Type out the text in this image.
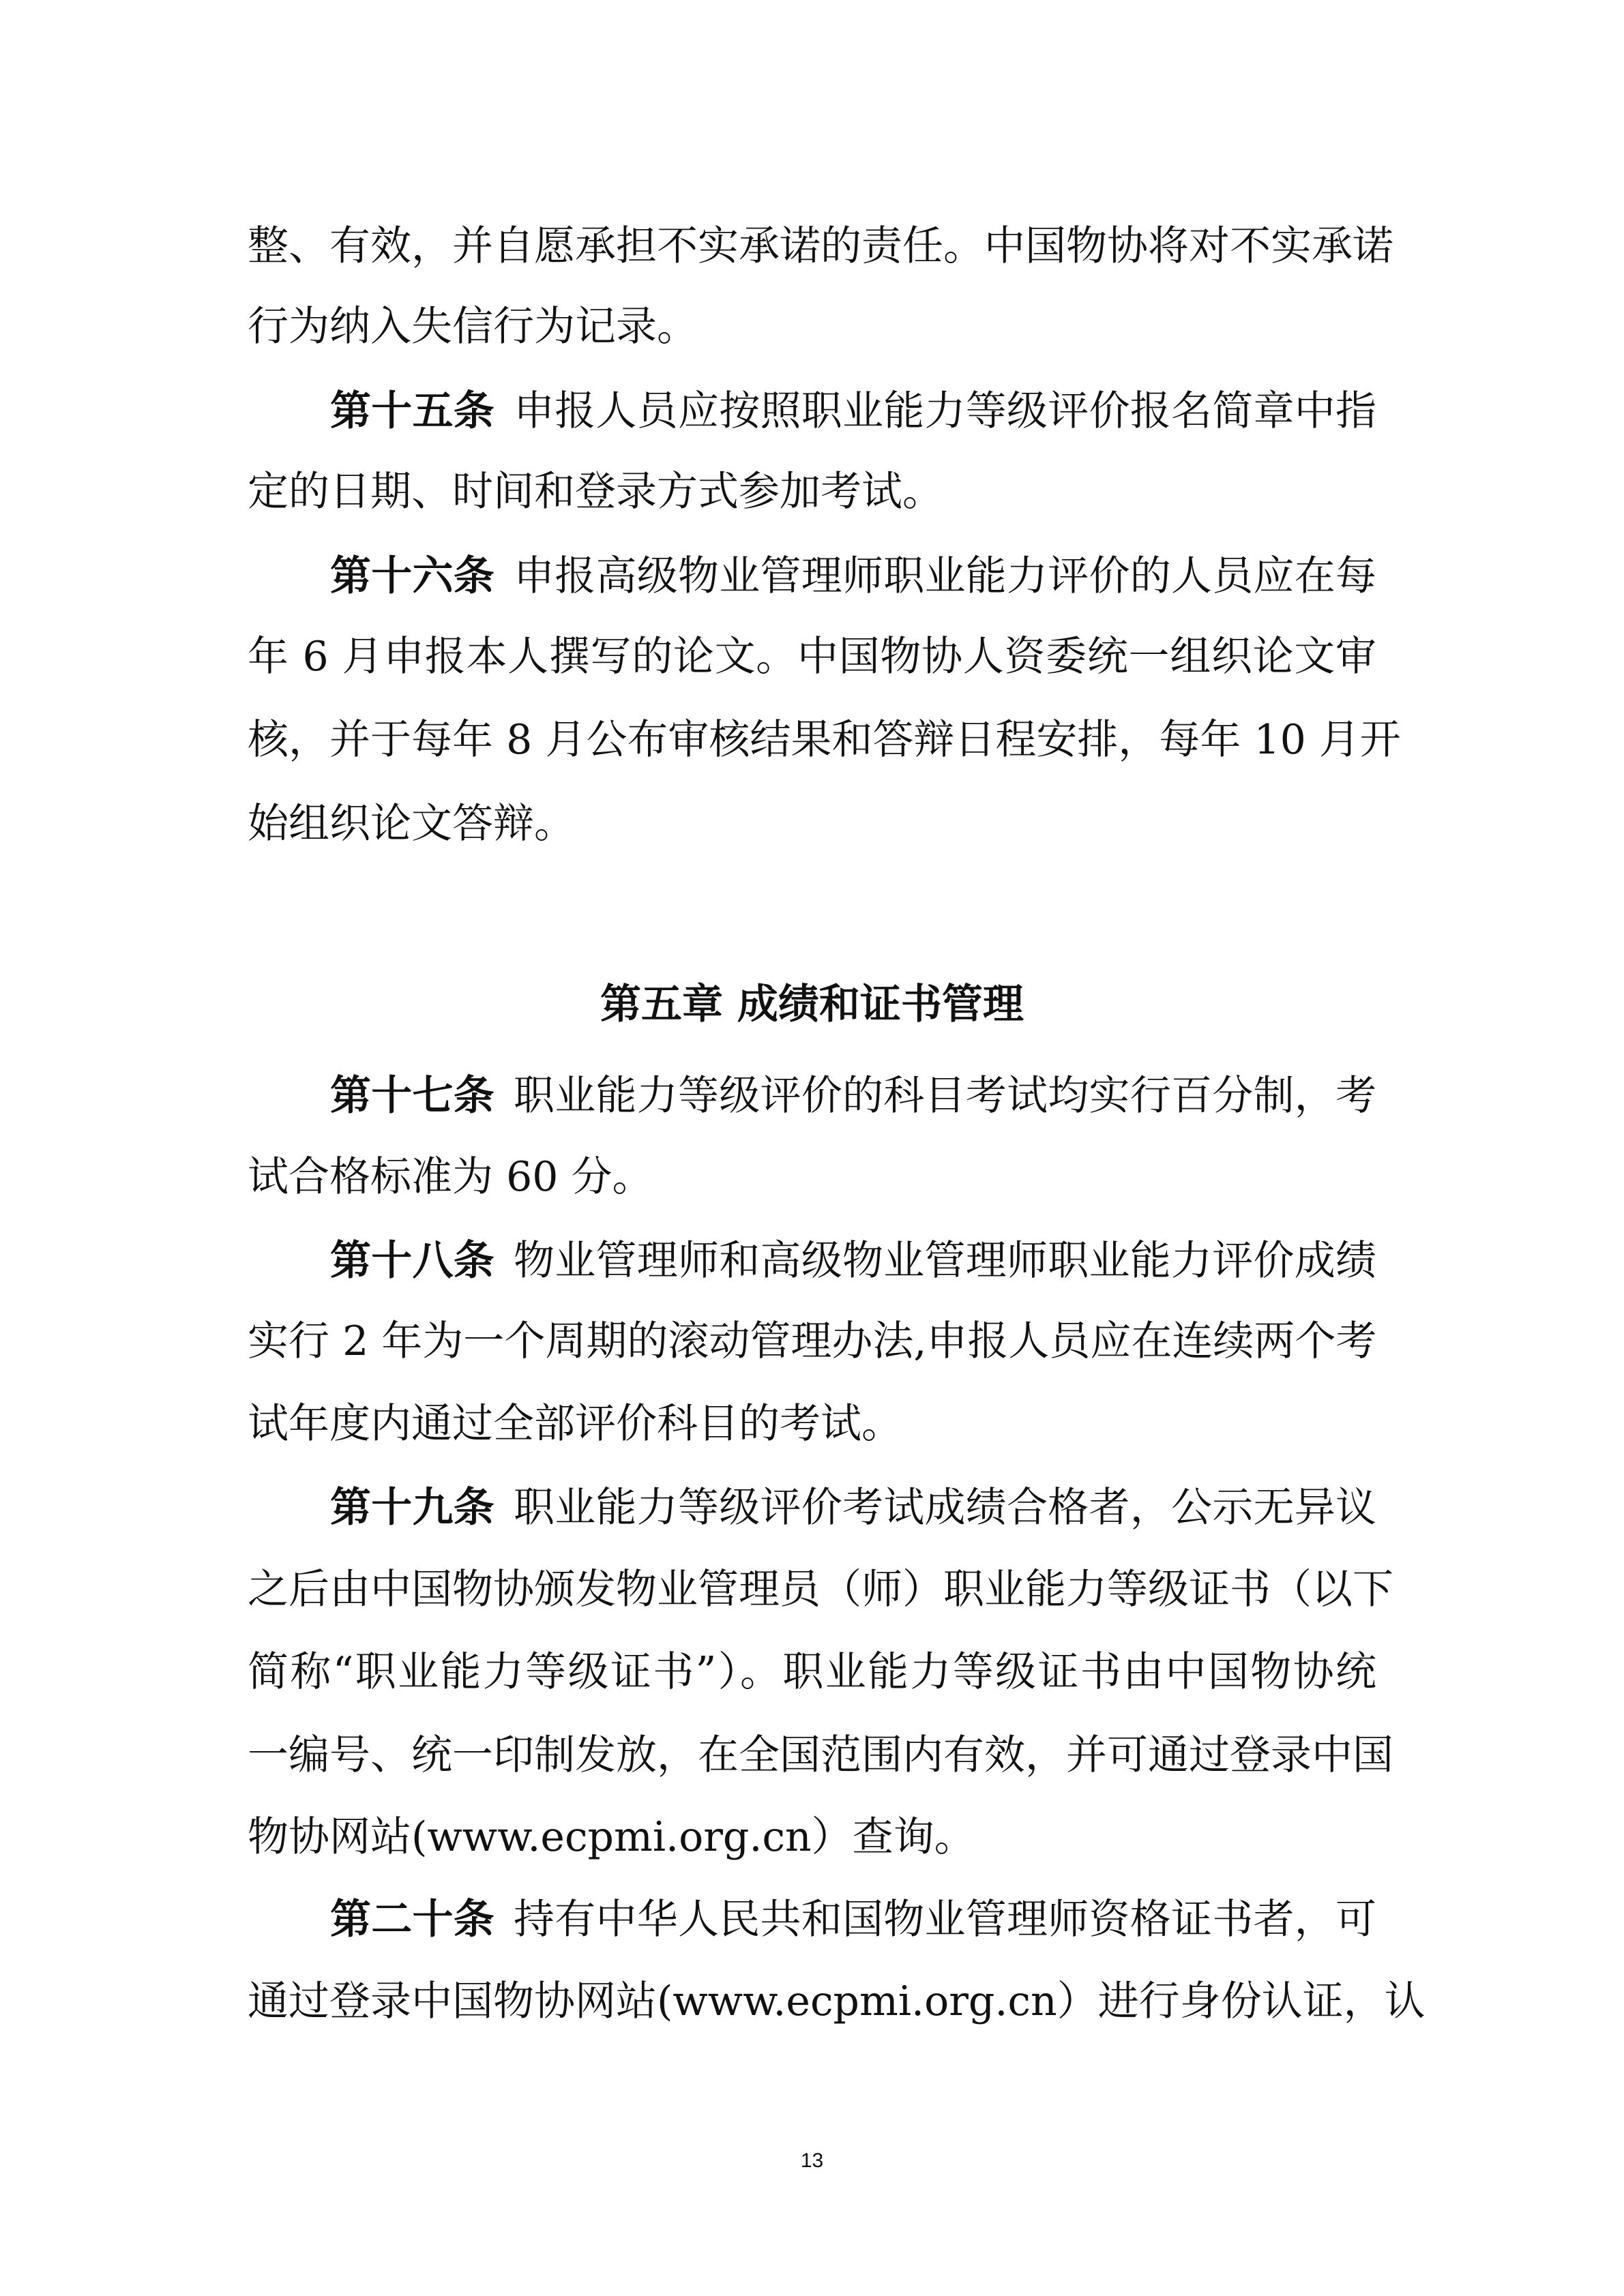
整、有效，并自愿承担不实承诺的责任。中国物协将对不实承诺
行为纳入失信行为记录。
第十五条 申报人员应按照职业能力等级评价报名简章中指
定的日期、时间和登录方式参加考试。
第十六条 申报高级物业管理师职业能力评价的人员应在每
年 6 月申报本人撰写的论文。中国物协人资委统一组织论文审
核，并于每年 8 月公布审核结果和答辩日程安排，每年 10 月开
始组织论文答辩。
第五章 成绩和证书管理
第十七条 职业能力等级评价的科目考试均实行百分制，考
试合格标准为 60 分。
第十八条 物业管理师和高级物业管理师职业能力评价成绩
实行 2 年为一个周期的滚动管理办法,申报人员应在连续两个考
试年度内通过全部评价科目的考试。
第十九条 职业能力等级评价考试成绩合格者，公示无异议
之后由中国物协颁发物业管理员（师）职业能力等级证书（以下
简称“职业能力等级证书”）。职业能力等级证书由中国物协统
一编号、统一印制发放，在全国范围内有效，并可通过登录中国
物协网站(www.ecpmi.org.cn）查询。
第二十条 持有中华人民共和国物业管理师资格证书者，可
通过登录中国物协网站(www.ecpmi.org.cn）进行身份认证，认
13
